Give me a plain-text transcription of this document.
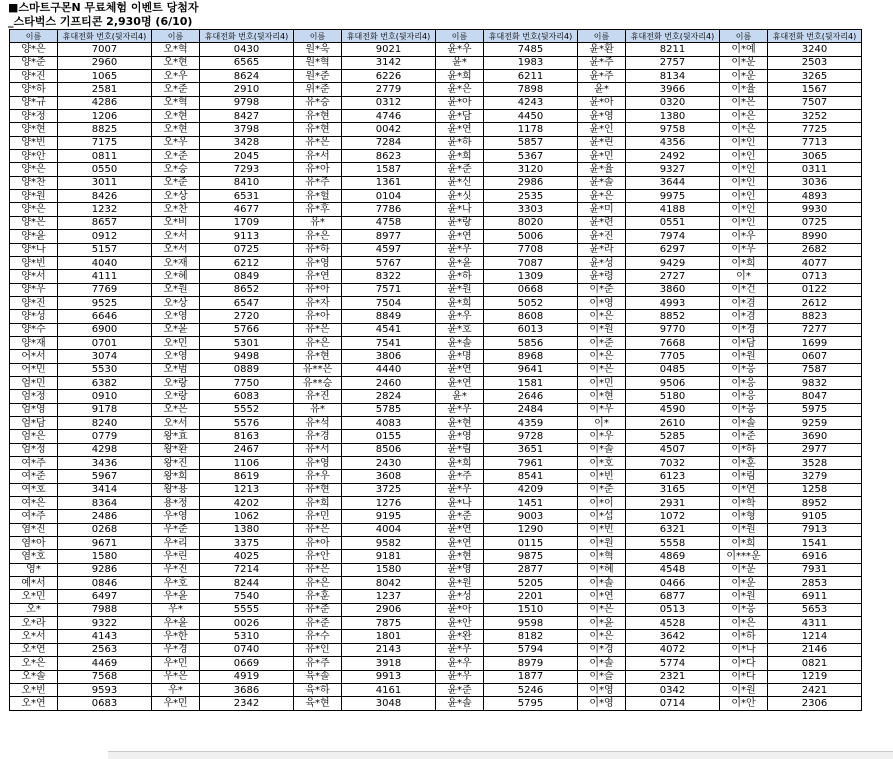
■스마트구몬N 무료체험 이벤트 당첨자
_스타벅스 기프티콘 2,930명 (6/10)
이름	휴대전화 번호(뒷자리4)	이름	휴대전화 번호(뒷자리4)	이름	휴대전화 번호(뒷자리4)	이름	휴대전화 번호(뒷자리4)	이름	휴대전화 번호(뒷자리4)	이름	휴대전화 번호(뒷자리4)
양*은	7007	오*혁	0430	원*욱	9021	윤*우	7485	윤*환	8211	이*예	3240
양*준	2960	오*현	6565	원*혁	3142	윤*	1983	윤*주	2757	이*운	2503
양*진	1065	오*우	8624	원*준	6226	윤*희	6211	윤*주	8134	이*운	3265
양*하	2581	오*준	2910	위*준	2779	윤*은	7898	윤*	3966	이*율	1567
양*규	4286	오*혁	9798	유*승	0312	윤*아	4243	윤*아	0320	이*은	7507
양*정	1206	오*현	8427	유*현	4746	윤*담	4450	윤*영	1380	이*은	3252
양*현	8825	오*현	3798	유*현	0042	윤*연	1178	윤*인	9758	이*은	7725
양*빈	7175	오*우	3428	유*은	7284	윤*하	5857	윤*린	4356	이*인	7713
양*안	0811	오*준	2045	유*서	8623	윤*희	5367	윤*민	2492	이*인	3065
양*은	0550	오*승	7293	유*아	1587	윤*준	3120	윤*율	9327	이*인	0311
양*찬	3011	오*준	8410	유*주	1361	윤*신	2986	윤*솔	3644	이*인	3036
양*원	8426	오*상	6531	유*헐	0104	윤*싯	2535	윤*은	9975	이*인	4893
양*은	1232	오*찬	4677	유*후	7786	윤*나	3303	윤*미	4188	이*인	9930
양*은	8657	오*비	1709	유*	4758	윤*랑	8020	윤*련	0551	이*인	0725
양*윤	0912	오*서	9113	유*은	8977	윤*연	5006	윤*진	7974	이*우	8990
양*나	5157	오*서	0725	유*하	4597	윤*우	7708	윤*라	6297	이*우	2682
양*빈	4040	오*재	6212	유*영	5767	윤*윤	7087	윤*성	9429	이*희	4077
양*서	4111	오*혜	0849	유*연	8322	윤*하	1309	윤*령	2727	이*	0713
양*우	7769	오*원	8652	유*아	7571	윤*원	0668	이*준	3860	이*건	0122
양*진	9525	오*상	6547	유*자	7504	윤*희	5052	이*영	4993	이*겸	2612
양*성	6646	오*영	2720	유*아	8849	윤*우	8608	이*은	8852	이*겸	8823
양*수	6900	오*윤	5766	유*은	4541	윤*호	6013	이*원	9770	이*경	7277
양*재	0701	오*민	5301	유*은	7541	윤*솔	5856	이*준	7668	이*담	1699
어*서	3074	오*영	9498	유*현	3806	윤*명	8968	이*은	7705	이*원	0607
어*민	5530	오*범	0889	유**은	4440	윤*연	9641	이*은	0485	이*응	7587
엄*민	6382	오*랑	7750	유**승	2460	윤*연	1581	이*민	9506	이*응	9832
엄*정	0910	오*랑	6083	유*진	2824	윤*	2646	이*현	5180	이*응	8047
엄*영	9178	오*은	5552	유*	5785	윤*우	2484	이*우	4590	이*응	5975
엄*담	8240	오*서	5576	유*석	4083	윤*현	4359	이*	2610	이*솔	9259
엄*은	0779	왕*효	8163	유*경	0155	윤*영	9728	이*우	5285	이*준	3690
엄*정	4298	왕*환	2467	유*서	8506	윤*림	3651	이*솔	4507	이*하	2977
여*주	3436	왕*진	1106	유*영	2430	윤*희	7961	이*호	7032	이*훈	3528
여*준	5967	왕*희	8619	유*우	3608	윤*주	8541	이*빈	6123	이*림	3279
여*호	3414	왕*용	1213	유*현	3725	윤*우	4209	이*준	3165	이*연	1258
여*은	8364	용*정	4202	유*희	1276	윤*나	1451	이*이	2931	이*학	8952
여*주	2486	우*영	1062	유*민	9195	윤*준	9003	이*섭	1072	이*형	9105
염*진	0268	우*준	1380	유*은	4004	윤*연	1290	이*빈	6321	이*원	7913
염*아	9671	우*리	3375	유*아	9582	윤*연	0115	이*원	5558	이*희	1541
염*호	1580	우*린	4025	유*안	9181	윤*현	9875	이*혁	4869	이***운	6916
영*	9286	우*진	7214	유*은	1580	윤*영	2877	이*혜	4548	이*운	7931
예*서	0846	우*호	8244	유*은	8042	윤*원	5205	이*솔	0466	이*운	2853
오*민	6497	우*윤	7540	유*훈	1237	윤*성	2201	이*연	6877	이*원	6911
오*	7988	우*	5555	유*준	2906	윤*아	1510	이*은	0513	이*응	5653
오*라	9322	우*윤	0026	유*준	7875	윤*안	9598	이*윤	4528	이*은	4311
오*서	4143	우*한	5310	유*수	1801	윤*완	8182	이*은	3642	이*하	1214
오*연	2563	우*경	0740	유*인	2143	윤*우	5794	이*경	4072	이*나	2146
오*은	4469	우*민	0669	유*주	3918	윤*우	8979	이*솔	5774	이*다	0821
오*솔	7568	우*은	4919	육*솔	9913	윤*우	1877	이*슬	2321	이*다	1219
오*빈	9593	우*	3686	육*하	4161	윤*준	5246	이*영	0342	이*원	2421
오*연	0683	우*민	2342	육*현	3048	윤*솔	5795	이*영	0714	이*안	2306
